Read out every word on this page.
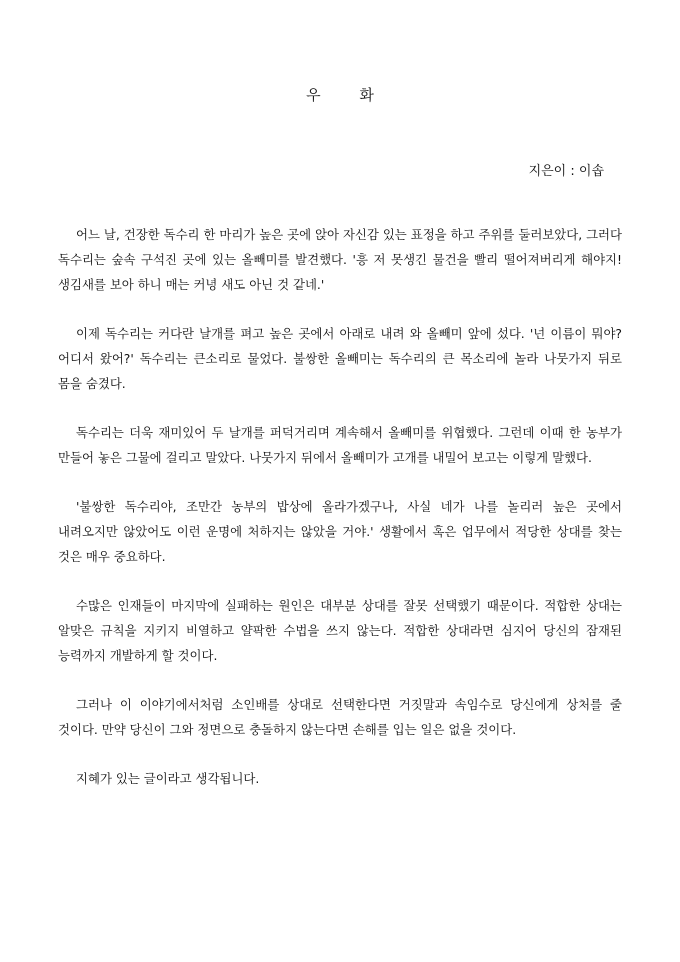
우 화
지은이 : 이솝

어느 날, 건장한 독수리 한 마리가 높은 곳에 앉아 자신감 있는 표정을 하고 주위를 둘러보았다, 그러다 독수리는 숲속 구석진 곳에 있는 올빼미를 발견했다. '흥 저 못생긴 물건을 빨리 떨어져버리게 해야지! 생김새를 보아 하니 매는 커녕 새도 아닌 것 같네.'

이제 독수리는 커다란 날개를 펴고 높은 곳에서 아래로 내려 와 올빼미 앞에 섰다. '넌 이름이 뭐야? 어디서 왔어?' 독수리는 큰소리로 물었다. 불쌍한 올빼미는 독수리의 큰 목소리에 놀라 나뭇가지 뒤로 몸을 숨겼다.

독수리는 더욱 재미있어 두 날개를 퍼덕거리며 계속해서 올빼미를 위협했다. 그런데 이때 한 농부가 만들어 놓은 그물에 걸리고 말았다. 나뭇가지 뒤에서 올빼미가 고개를 내밀어 보고는 이렇게 말했다.

'불쌍한 독수리야, 조만간 농부의 밥상에 올라가겠구나, 사실 네가 나를 놀리러 높은 곳에서 내려오지만 않았어도 이런 운명에 처하지는 않았을 거야.' 생활에서 혹은 업무에서 적당한 상대를 찾는 것은 매우 중요하다.

수많은 인재들이 마지막에 실패하는 원인은 대부분 상대를 잘못 선택했기 때문이다. 적합한 상대는 알맞은 규칙을 지키지 비열하고 얄팍한 수법을 쓰지 않는다. 적합한 상대라면 심지어 당신의 잠재된 능력까지 개발하게 할 것이다.

그러나 이 이야기에서처럼 소인배를 상대로 선택한다면 거짓말과 속임수로 당신에게 상처를 줄 것이다. 만약 당신이 그와 정면으로 충돌하지 않는다면 손해를 입는 일은 없을 것이다.

지혜가 있는 글이라고 생각됩니다.
